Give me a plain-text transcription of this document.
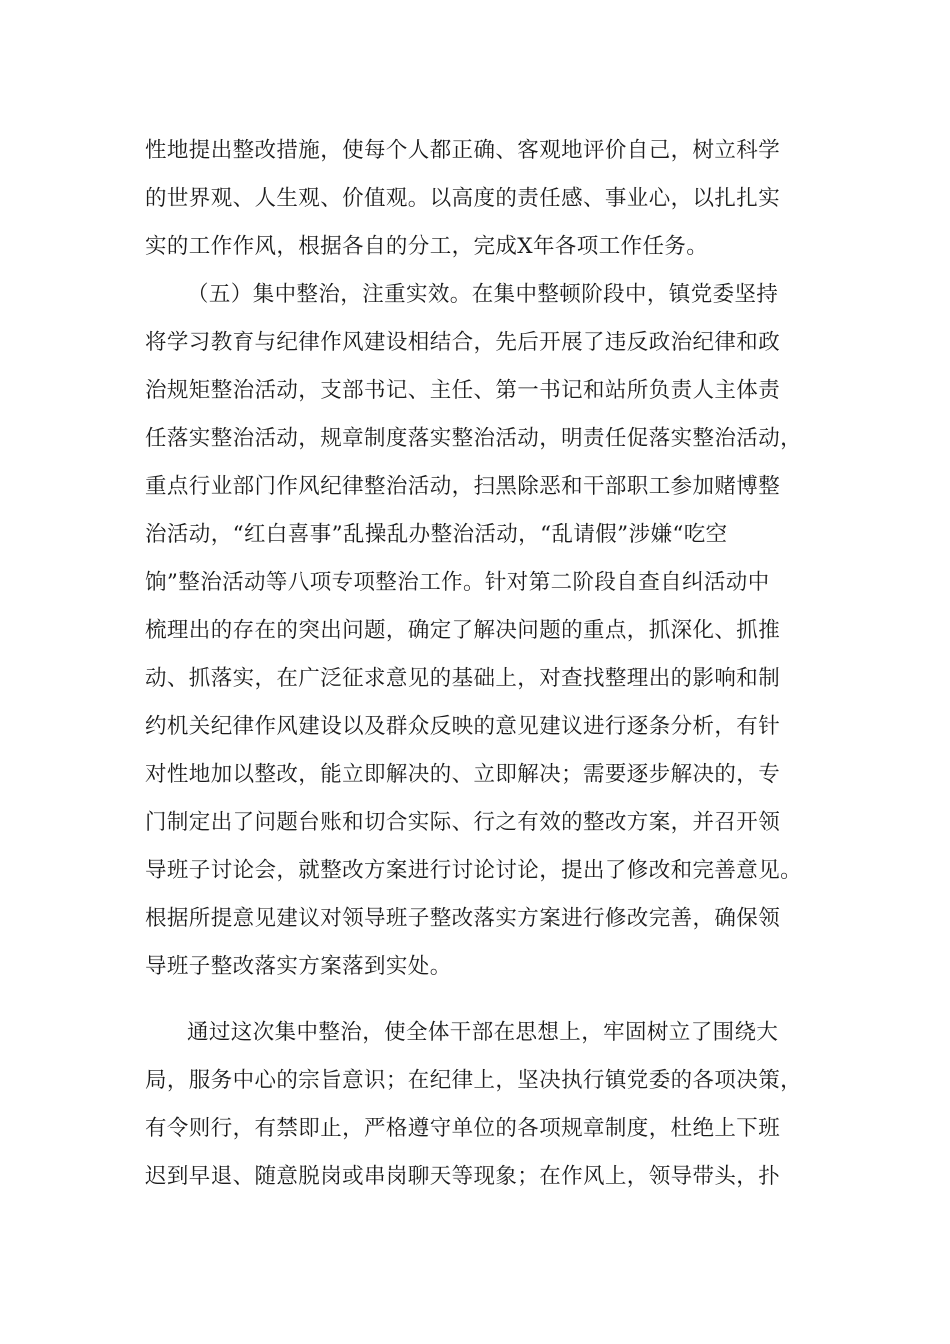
性地提出整改措施，使每个人都正确、客观地评价自己，树立科学
的世界观、人生观、价值观。以高度的责任感、事业心，以扎扎实
实的工作作风，根据各自的分工，完成X年各项工作任务。
（五）集中整治，注重实效。在集中整顿阶段中，镇党委坚持
将学习教育与纪律作风建设相结合，先后开展了违反政治纪律和政
治规矩整治活动，支部书记、主任、第一书记和站所负责人主体责
任落实整治活动，规章制度落实整治活动，明责任促落实整治活动，
重点行业部门作风纪律整治活动，扫黑除恶和干部职工参加赌博整
治活动，“红白喜事”乱操乱办整治活动，“乱请假”涉嫌“吃空
饷”整治活动等八项专项整治工作。针对第二阶段自查自纠活动中
梳理出的存在的突出问题，确定了解决问题的重点，抓深化、抓推
动、抓落实，在广泛征求意见的基础上，对查找整理出的影响和制
约机关纪律作风建设以及群众反映的意见建议进行逐条分析，有针
对性地加以整改，能立即解决的、立即解决；需要逐步解决的，专
门制定出了问题台账和切合实际、行之有效的整改方案，并召开领
导班子讨论会，就整改方案进行讨论讨论，提出了修改和完善意见。
根据所提意见建议对领导班子整改落实方案进行修改完善，确保领
导班子整改落实方案落到实处。
通过这次集中整治，使全体干部在思想上，牢固树立了围绕大
局，服务中心的宗旨意识；在纪律上，坚决执行镇党委的各项决策，
有令则行，有禁即止，严格遵守单位的各项规章制度，杜绝上下班
迟到早退、随意脱岗或串岗聊天等现象；在作风上，领导带头，扑
